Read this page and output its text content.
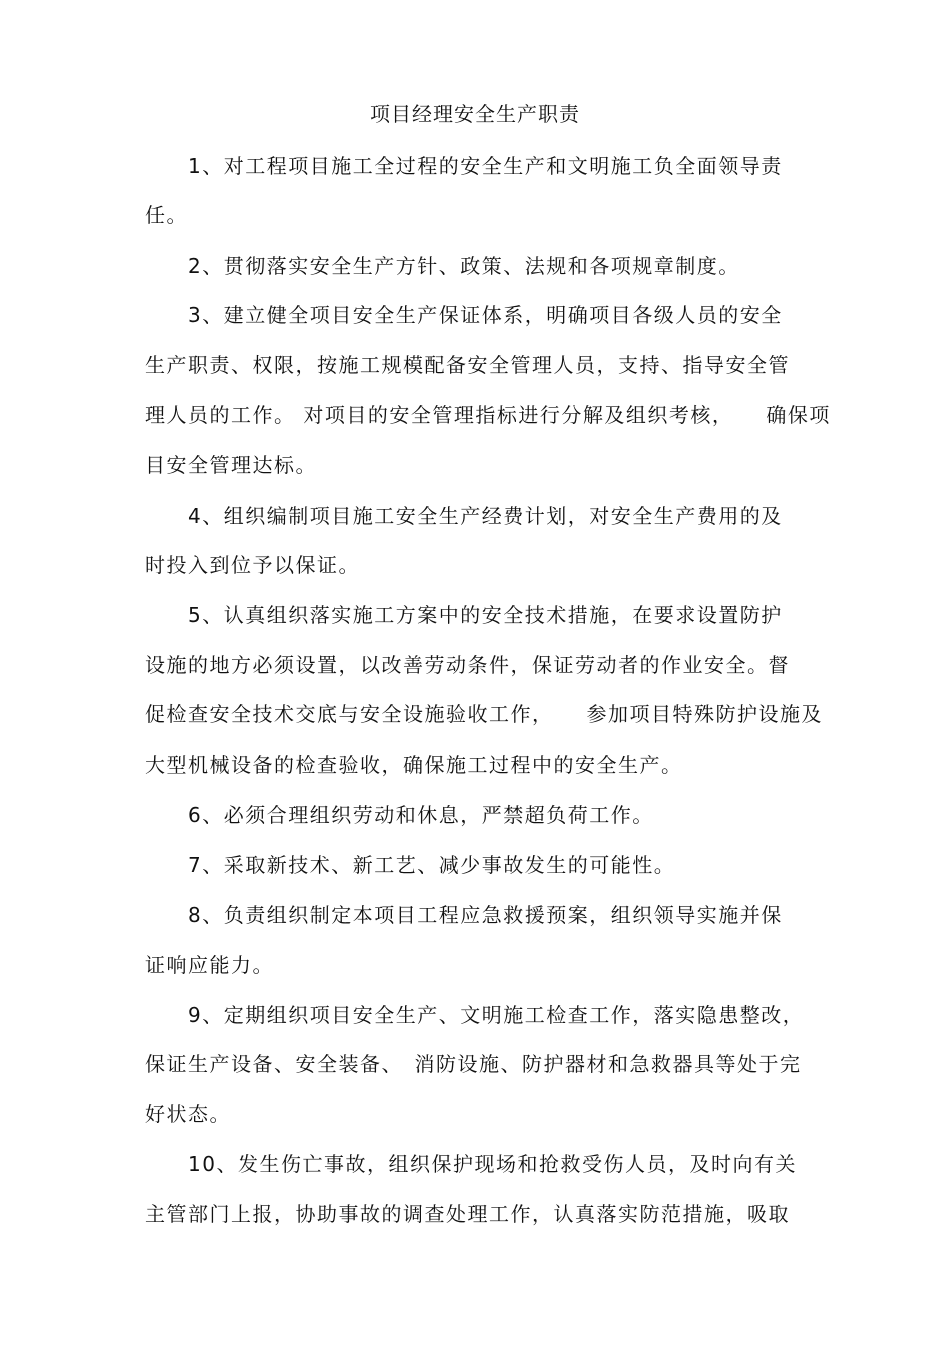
项目经理安全生产职责
1、对工程项目施工全过程的安全生产和文明施工负全面领导责
任。
2、贯彻落实安全生产方针、政策、法规和各项规章制度。
3、建立健全项目安全生产保证体系，明确项目各级人员的安全
生产职责、权限，按施工规模配备安全管理人员，支持、指导安全管
理人员的工作。 对项目的安全管理指标进行分解及组织考核，　　确保项
目安全管理达标。
4、组织编制项目施工安全生产经费计划，对安全生产费用的及
时投入到位予以保证。
5、认真组织落实施工方案中的安全技术措施，在要求设置防护
设施的地方必须设置，以改善劳动条件，保证劳动者的作业安全。督
促检查安全技术交底与安全设施验收工作，　　参加项目特殊防护设施及
大型机械设备的检查验收，确保施工过程中的安全生产。
6、必须合理组织劳动和休息，严禁超负荷工作。
7、采取新技术、新工艺、减少事故发生的可能性。
8、负责组织制定本项目工程应急救援预案，组织领导实施并保
证响应能力。
9、定期组织项目安全生产、文明施工检查工作，落实隐患整改，
保证生产设备、安全装备、　消防设施、防护器材和急救器具等处于完
好状态。
10、发生伤亡事故，组织保护现场和抢救受伤人员，及时向有关
主管部门上报，协助事故的调查处理工作，认真落实防范措施，吸取
